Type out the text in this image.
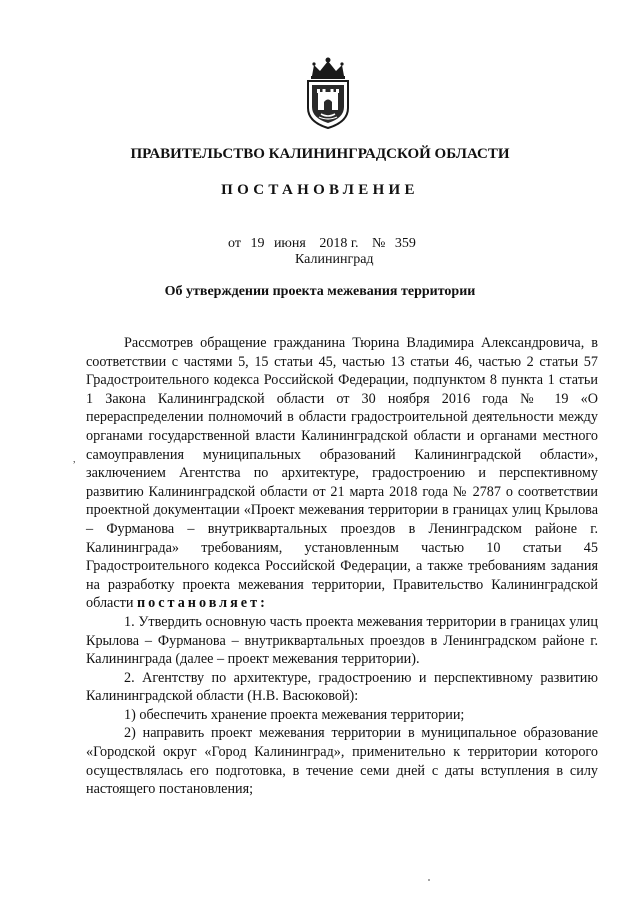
ПРАВИТЕЛЬСТВО КАЛИНИНГРАДСКОЙ ОБЛАСТИ
ПОСТАНОВЛЕНИЕ
от 19 июня 2018 г. № 359
Калининград
Об утверждении проекта межевания территории
,

Рассмотрев обращение гражданина Тюрина Владимира Александровича, в соответствии с частями 5, 15 статьи 45, частью 13 статьи 46, частью 2 статьи 57 Градостроительного кодекса Российской Федерации, подпунктом 8 пункта 1 статьи 1 Закона Калининградской области от 30 ноября 2016 года № 19 «О перераспределении полномочий в области градостроительной деятельности между органами государственной власти Калининградской области и органами местного самоуправления муниципальных образований Калининградской области», заключением Агентства по архитектуре, градостроению и перспективному развитию Калининградской области от 21 марта 2018 года № 2787 о соответствии проектной документации «Проект межевания территории в границах улиц Крылова – Фурманова – внутриквартальных проездов в Ленинградском районе г. Калининграда» требованиям, установленным частью 10 статьи 45 Градостроительного кодекса Российской Федерации, а также требованиям задания на разработку проекта межевания территории, Правительство Калининградской области постановляет:

1. Утвердить основную часть проекта межевания территории в границах улиц Крылова – Фурманова – внутриквартальных проездов в Ленинградском районе г. Калининграда (далее – проект межевания территории).

2. Агентству по архитектуре, градостроению и перспективному развитию Калининградской области (Н.В. Васюковой):

1) обеспечить хранение проекта межевания территории;

2) направить проект межевания территории в муниципальное образование «Городской округ «Город Калининград», применительно к территории которого осуществлялась его подготовка, в течение семи дней с даты вступления в силу настоящего постановления;
